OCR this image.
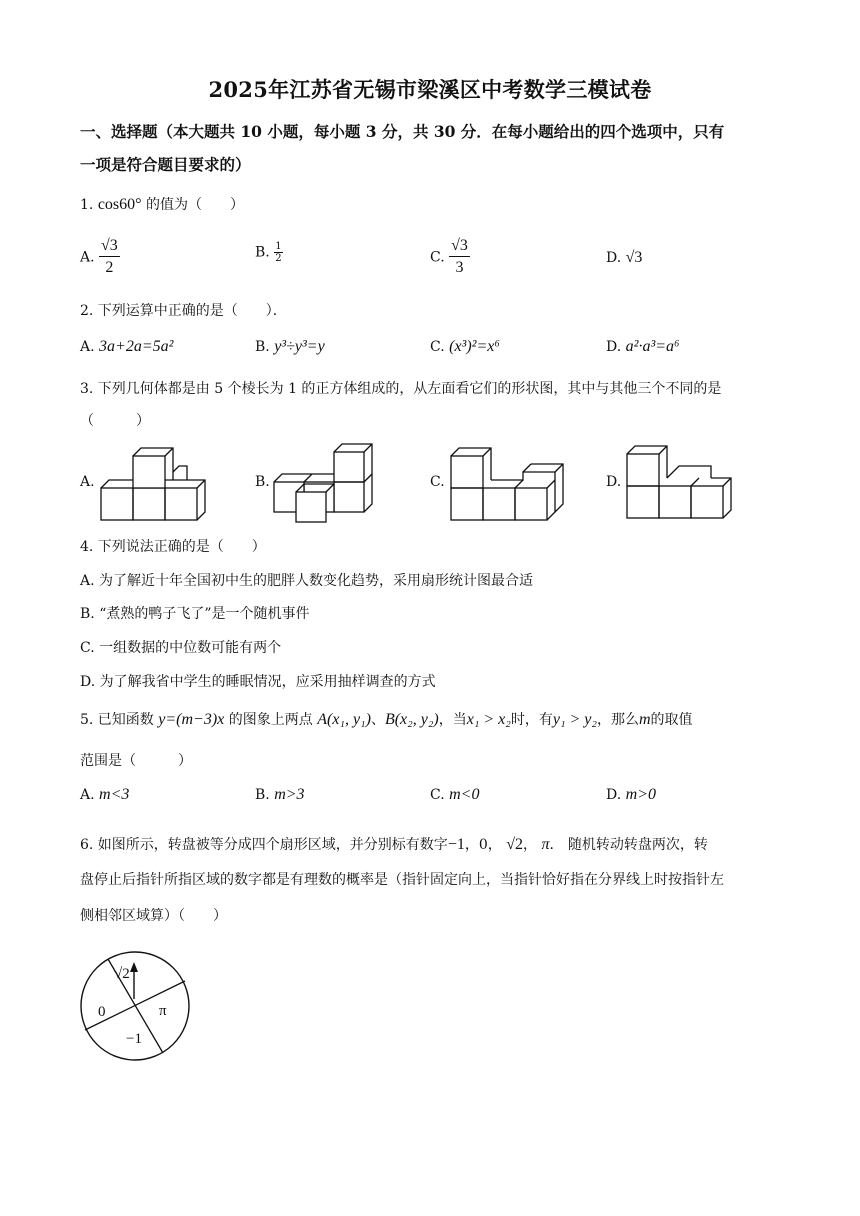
2025年江苏省无锡市梁溪区中考数学三模试卷
一、选择题（本大题共 10 小题，每小题 3 分，共 30 分．在每小题给出的四个选项中，只有
一项是符合题目要求的）
1. cos60° 的值为（　　）
A. $\frac{√3}{2}$	B. $\frac{1}{2}$	C. $\frac{√3}{3}$	D. √3
2. 下列运算中正确的是（　　）．
A. 3a+2a=5a²	B. y³÷y³=y	C. (x³)²=x⁶	D. a²·a³=a⁶
3. 下列几何体都是由 5 个棱长为 1 的正方体组成的，从左面看它们的形状图，其中与其他三个不同的是
（　　　）
A.	B.	C.	D.
4. 下列说法正确的是（　　）
A. 为了解近十年全国初中生的肥胖人数变化趋势，采用扇形统计图最合适
B. “煮熟的鸭子飞了”是一个随机事件
C. 一组数据的中位数可能有两个
D. 为了解我省中学生的睡眠情况，应采用抽样调查的方式
5. 已知函数 y=(m−3)x 的图象上两点 A(x₁, y₁)、B(x₂, y₂)，当x₁ > x₂时，有y₁ > y₂，那么m的取值
范围是（　　　）
A. m<3	B. m>3	C. m<0	D. m>0
6. 如图所示，转盘被等分成四个扇形区域，并分别标有数字−1，0， √2， π． 随机转动转盘两次，转
盘停止后指针所指区域的数字都是有理数的概率是（指针固定向上，当指针恰好指在分界线上时按指针左
侧相邻区域算）（　　）
√2
π
0
−1
